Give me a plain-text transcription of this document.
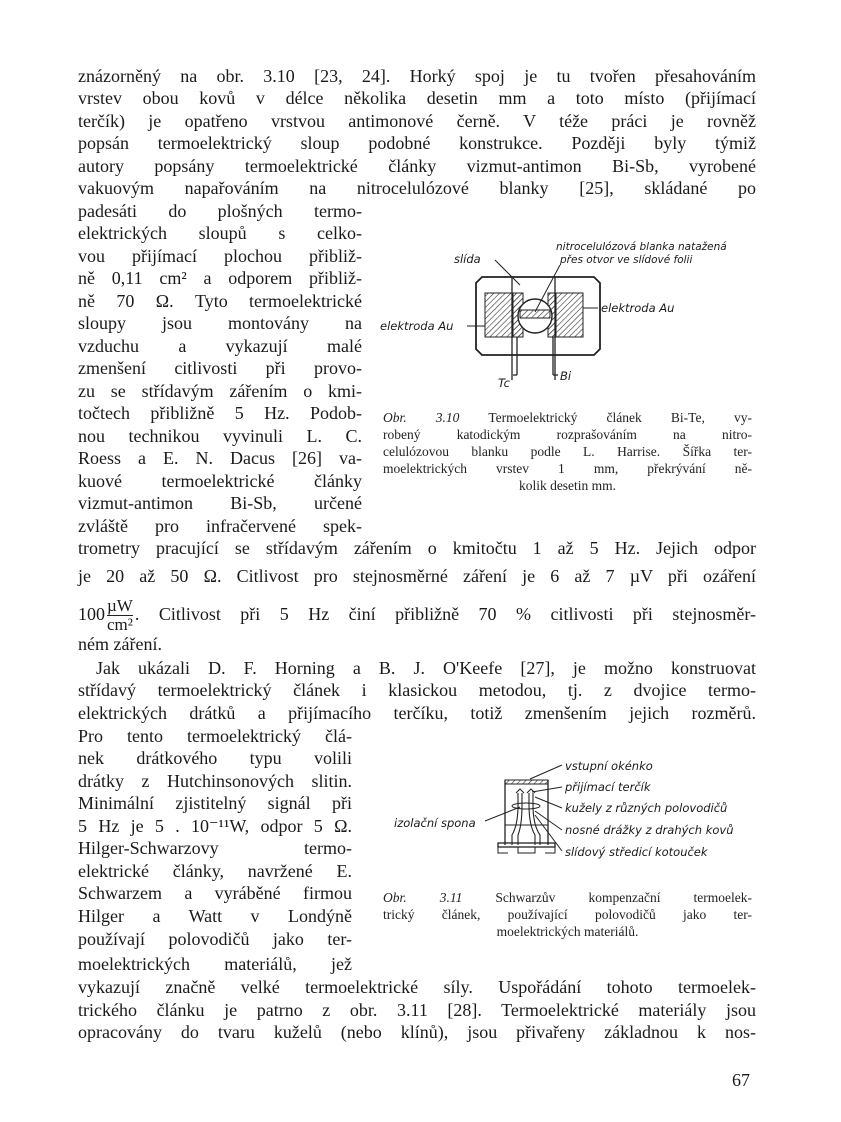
znázorněný na obr. 3.10 [23, 24]. Horký spoj je tu tvořen přesahováním
vrstev obou kovů v délce několika desetin mm a toto místo (přijímací
terčík) je opatřeno vrstvou antimonové černě. V téže práci je rovněž
popsán termoelektrický sloup podobné konstrukce. Později byly týmiž
autory popsány termoelektrické články vizmut-antimon Bi-Sb, vyrobené
vakuovým napařováním na nitrocelulózové blanky [25], skládané po
padesáti do plošných termo-
elektrických sloupů s celko-
vou přijímací plochou přibliž-
ně 0,11 cm² a odporem přibliž-
ně 70 Ω. Tyto termoelektrické
sloupy jsou montovány na
vzduchu a vykazují malé
zmenšení citlivosti při provo-
zu se střídavým zářením o kmi-
točtech přibližně 5 Hz. Podob-
nou technikou vyvinuli L. C.
Roess a E. N. Dacus [26] va-
kuové termoelektrické články
vizmut-antimon Bi-Sb, určené
zvláště pro infračervené spek-
trometry pracující se střídavým zářením o kmitočtu 1 až 5 Hz. Jejich odpor
je 20 až 50 Ω. Citlivost pro stejnosměrné záření je 6 až 7 µV při ozáření
$100 \frac{\text{µW}}{\text{cm²}}$ . Citlivost při 5 Hz činí přibližně 70 % citlivosti při stejnosměr-
ném záření.
Jak ukázali D. F. Horning a B. J. O'Keefe [27], je možno konstruovat
střídavý termoelektrický článek i klasickou metodou, tj. z dvojice termo-
elektrických drátků a přijímacího terčíku, totiž zmenšením jejich rozměrů.
Pro tento termoelektrický člá-
nek drátkového typu volili
drátky z Hutchinsonových slitin.
Minimální zjistitelný signál při
5 Hz je 5 . 10⁻¹¹W, odpor 5 Ω.
Hilger-Schwarzovy termo-
elektrické články, navržené E.
Schwarzem a vyráběné firmou
Hilger a Watt v Londýně
používají polovodičů jako ter-
moelektrických materiálů, jež
vykazují značně velké termoelektrické síly. Uspořádání tohoto termoelek-
trického článku je patrno z obr. 3.11 [28]. Termoelektrické materiály jsou
opracovány do tvaru kuželů (nebo klínů), jsou přivařeny základnou k nos-
slída
nitrocelulózová blanka natažená
přes otvor ve slídové folii
elektroda Au
elektroda Au
Tc	Bi
Obr. 3.10 Termoelektrický článek Bi-Te, vy-
robený katodickým rozprašováním na nitro-
celulózovou blanku podle L. Harrise. Šířka ter-
moelektrických vrstev 1 mm, překrývání ně-
kolik desetin mm.
vstupní okénko
přijímací terčík
kužely z různých polovodičů
nosné drážky z drahých kovů
slídový středicí kotouček
izolační spona
Obr. 3.11 Schwarzův kompenzační termoelek-
trický článek, používající polovodičů jako ter-
moelektrických materiálů.
67
